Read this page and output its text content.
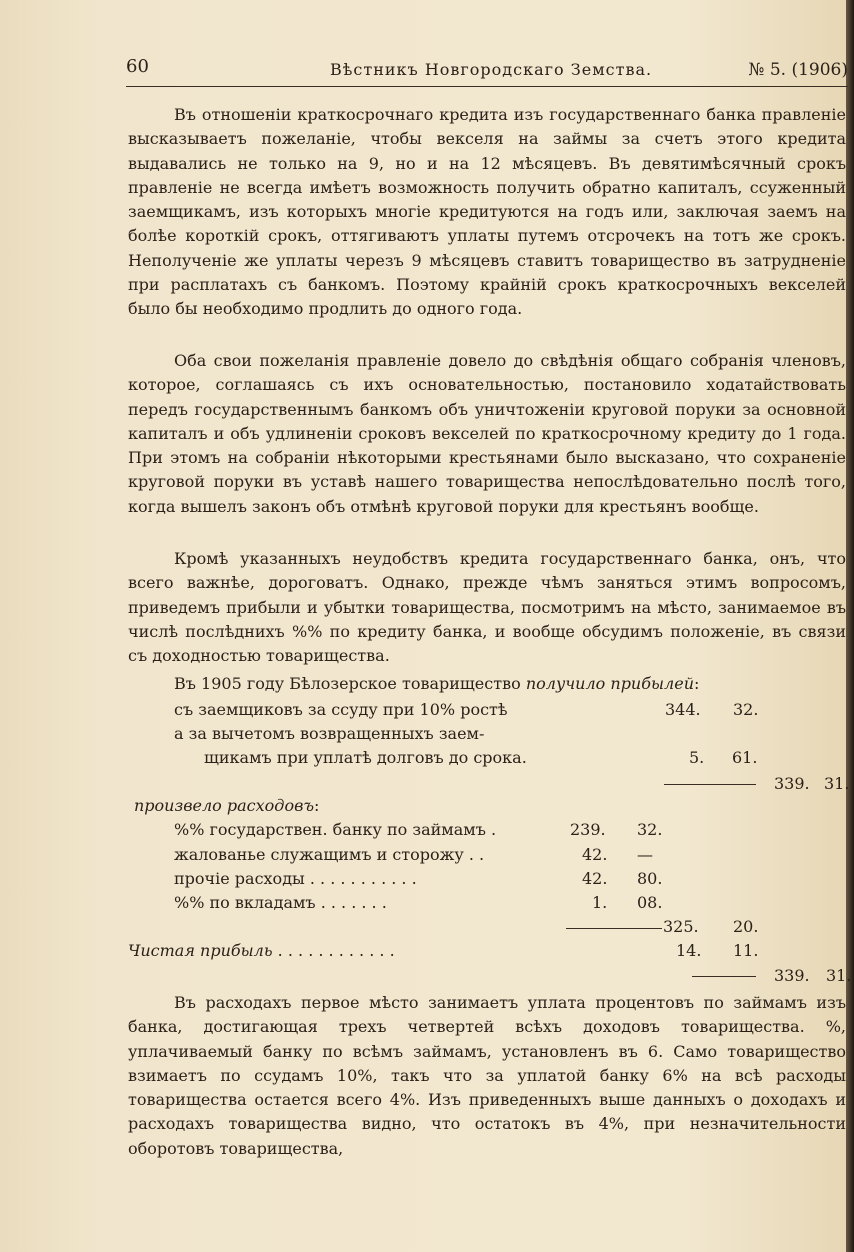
60	Вѣстникъ Новгородскаго Земства.	№ 5. (1906)

Въ отношеніи краткосрочнаго кредита изъ государственнаго банка правленіе высказываетъ пожеланіе, чтобы векселя на займы за счетъ этого кредита выдавались не только на 9, но и на 12 мѣсяцевъ. Въ девятимѣсячный срокъ правленіе не всегда имѣетъ возможность получить обратно капиталъ, ссуженный заемщикамъ, изъ которыхъ многіе кредитуются на годъ или, заключая заемъ на болѣе короткій срокъ, оттягиваютъ уплаты путемъ отсрочекъ на тотъ же срокъ. Неполученіе же уплаты черезъ 9 мѣсяцевъ ставитъ товарищество въ затрудненіе при расплатахъ съ банкомъ. Поэтому крайній срокъ краткосрочныхъ векселей было бы необходимо продлить до одного года.

Оба свои пожеланія правленіе довело до свѣдѣнія общаго собранія членовъ, которое, соглашаясь съ ихъ основательностью, постановило ходатайствовать передъ государственнымъ банкомъ объ уничтоженіи круговой поруки за основной капиталъ и объ удлиненіи сроковъ векселей по краткосрочному кредиту до 1 года. При этомъ на собраніи нѣкоторыми крестьянами было высказано, что сохраненіе круговой поруки въ уставѣ нашего товарищества непослѣдовательно послѣ того, когда вышелъ законъ объ отмѣнѣ круговой поруки для крестьянъ вообще.

Кромѣ указанныхъ неудобствъ кредита государственнаго банка, онъ, что всего важнѣе, дороговатъ. Однако, прежде чѣмъ заняться этимъ вопросомъ, приведемъ прибыли и убытки товарищества, посмотримъ на мѣсто, занимаемое въ числѣ послѣднихъ %% по кредиту банка, и вообще обсудимъ положеніе, въ связи съ доходностью товарищества.

Въ 1905 году Бѣлозерское товарищество получило прибылей:
съ заемщиковъ за ссуду при 10% ростѣ	344. 32.
а за вычетомъ возвращенныхъ заем-
щикамъ при уплатѣ долговъ до срока.	5. 61.
339. 31.
произвело расходовъ:
%% государствен. банку по займамъ .	239. 32.
жалованье служащимъ и сторожу . .	42. —
прочіе расходы . . . . . . . . . . .	42. 80.
%% по вкладамъ . . . . . . .	1. 08.
325. 20.
Чистая прибыль . . . . . . . . . . . .	14. 11.
339. 31.

Въ расходахъ первое мѣсто занимаетъ уплата процентовъ по займамъ изъ банка, достигающая трехъ четвертей всѣхъ доходовъ товарищества. %, уплачиваемый банку по всѣмъ займамъ, установленъ въ 6. Само товарищество взимаетъ по ссудамъ 10%, такъ что за уплатой банку 6% на всѣ расходы товарищества остается всего 4%. Изъ приведенныхъ выше данныхъ о доходахъ и расходахъ товарищества видно, что остатокъ въ 4%, при незначительности оборотовъ товарищества,
